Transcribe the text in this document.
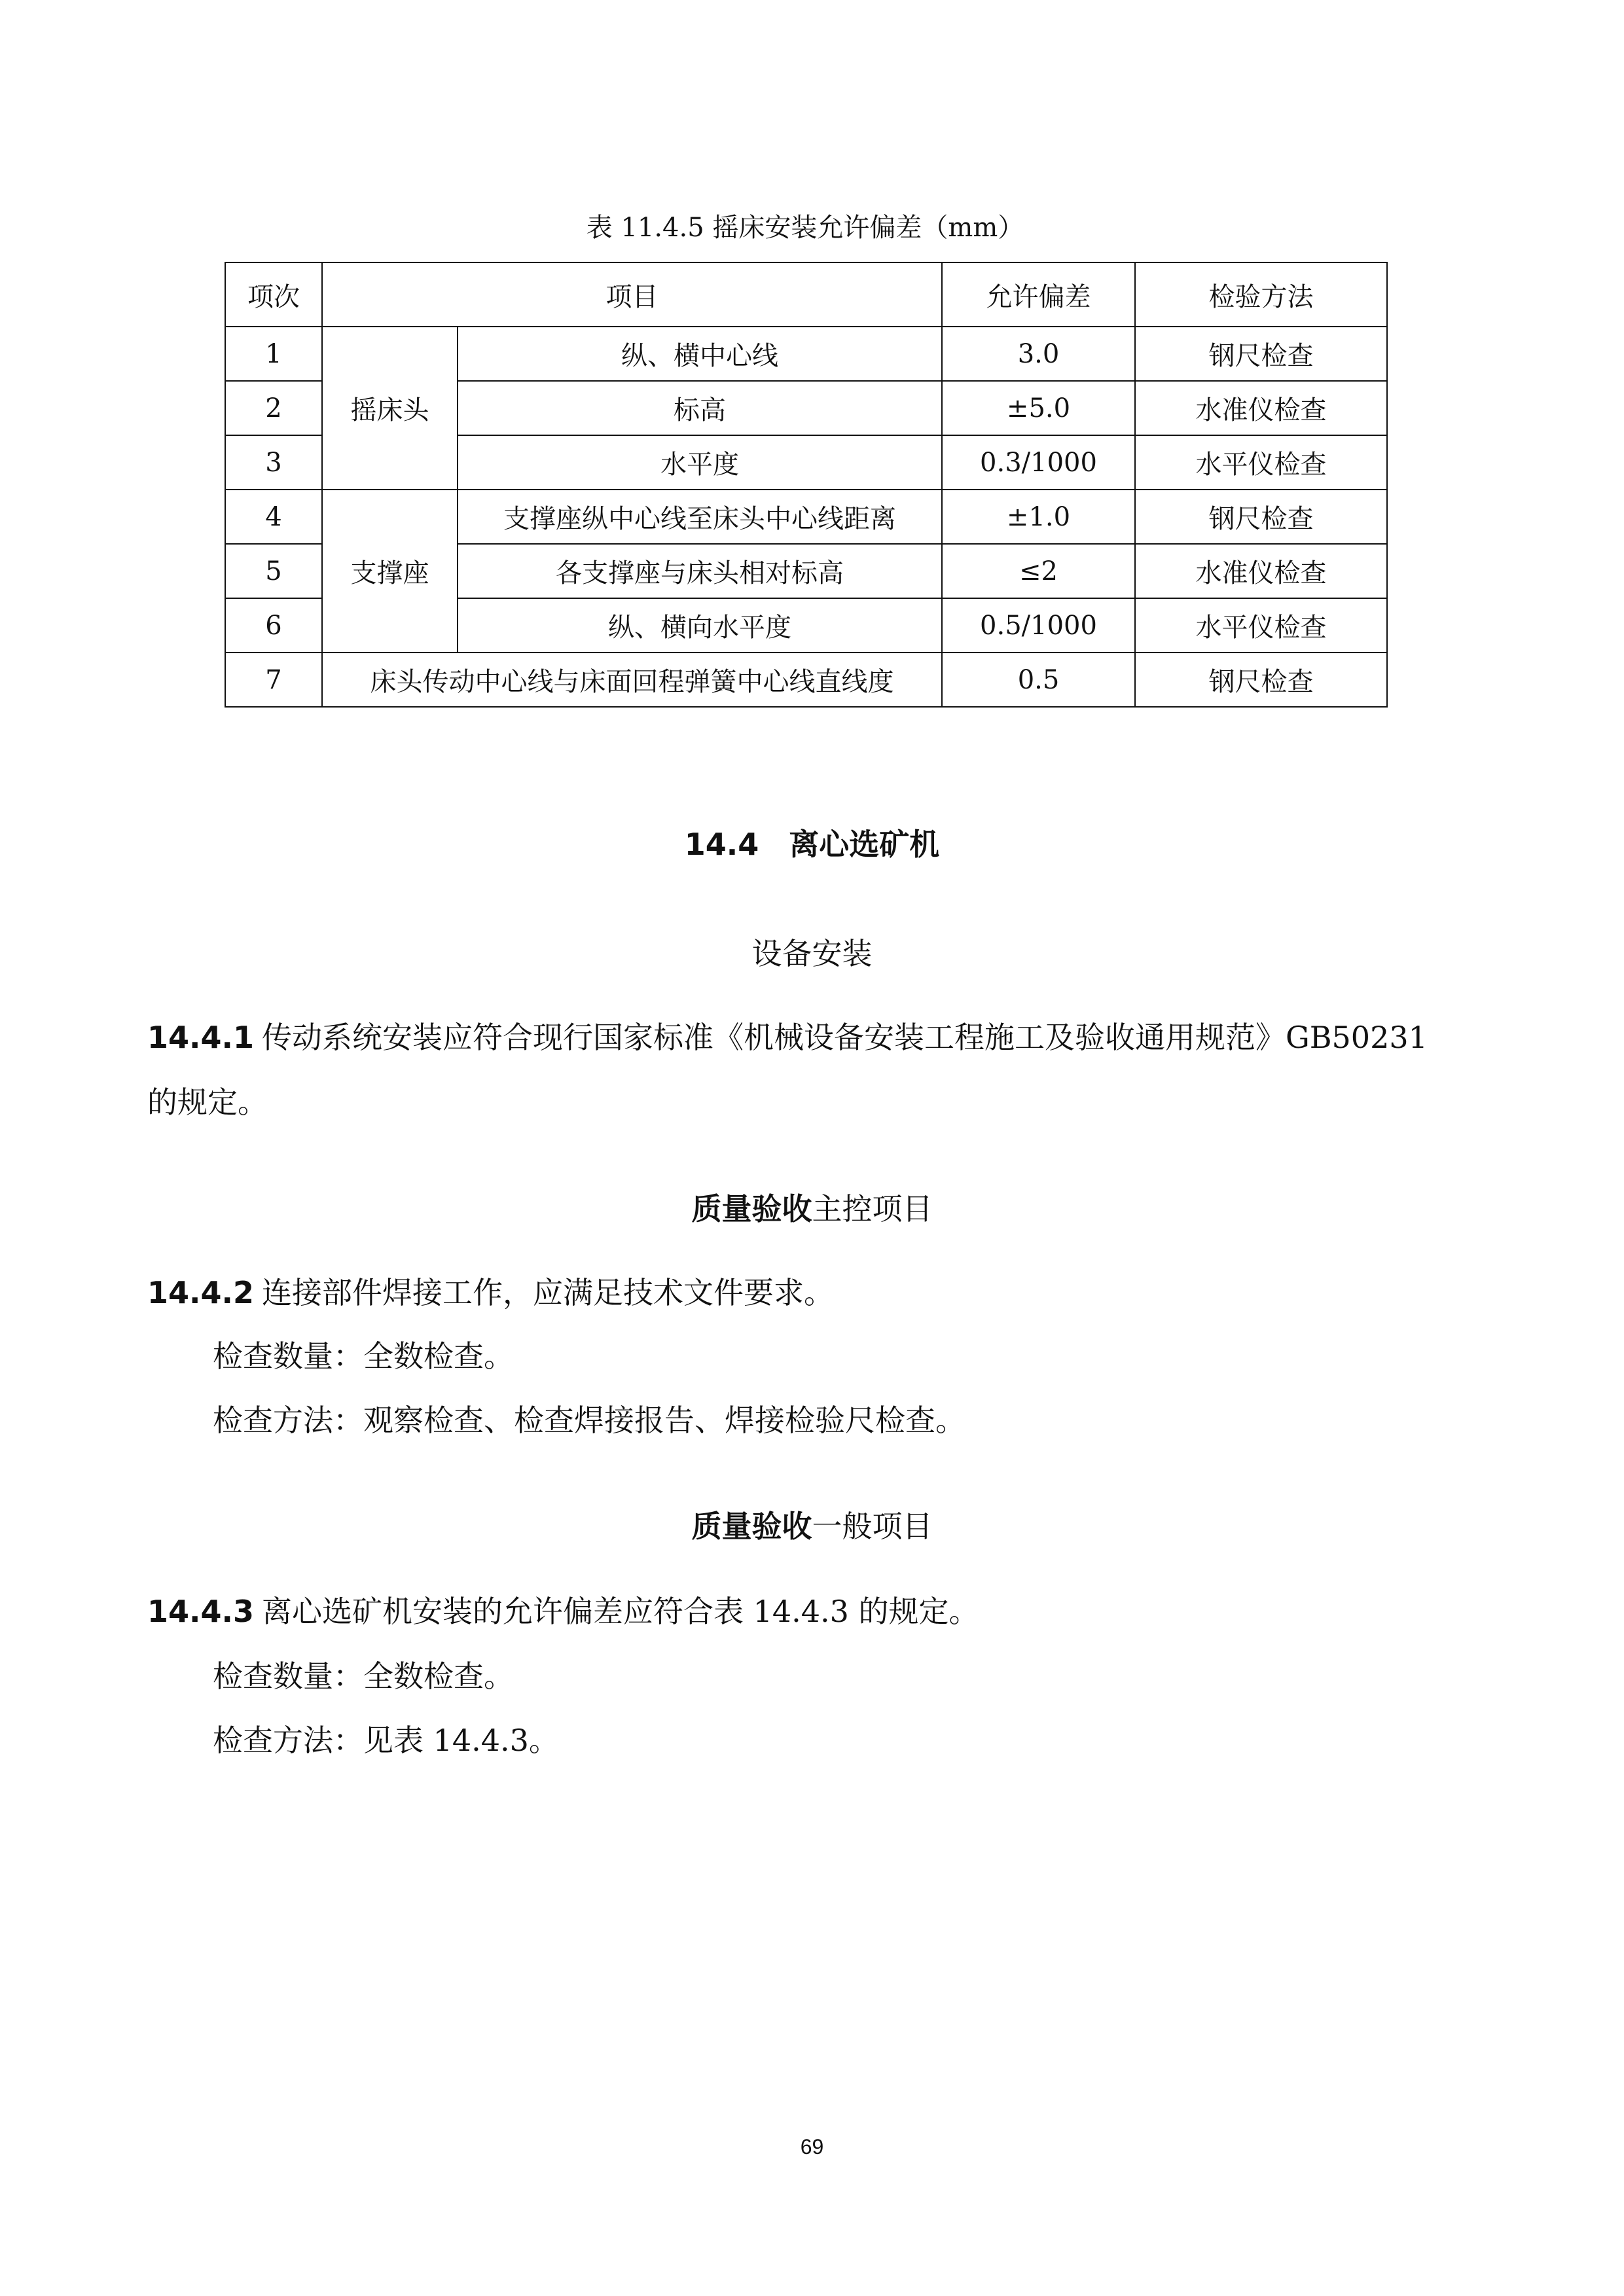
表 11.4.5 摇床安装允许偏差（mm）
项次	项目		允许偏差	检验方法
1	摇床头	纵、横中心线	3.0	钢尺检查
2		标高	±5.0	水准仪检查
3		水平度	0.3/1000	水平仪检查
4	支撑座	支撑座纵中心线至床头中心线距离	±1.0	钢尺检查
5		各支撑座与床头相对标高	≤2	水准仪检查
6		纵、横向水平度	0.5/1000	水平仪检查
7	床头传动中心线与床面回程弹簧中心线直线度		0.5	钢尺检查
14.4 离心选矿机
设备安装
14.4.1 传动系统安装应符合现行国家标准《机械设备安装工程施工及验收通用规范》GB50231
的规定。
质量验收主控项目
14.4.2 连接部件焊接工作，应满足技术文件要求。
检查数量：全数检查。
检查方法：观察检查、检查焊接报告、焊接检验尺检查。
质量验收一般项目
14.4.3 离心选矿机安装的允许偏差应符合表 14.4.3 的规定。
检查数量：全数检查。
检查方法：见表 14.4.3。
69
